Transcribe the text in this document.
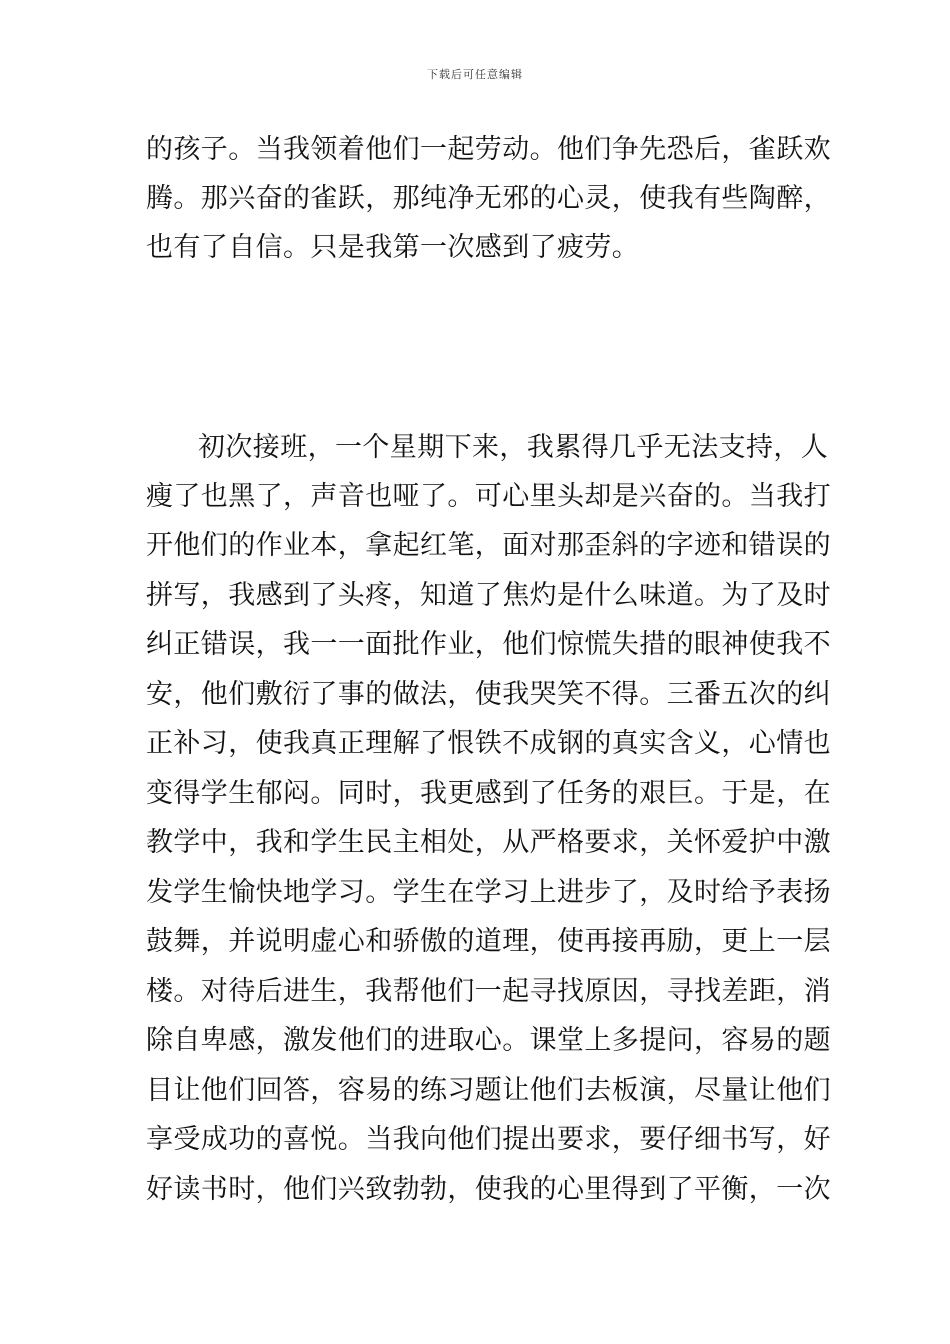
下载后可任意编辑
的孩子。当我领着他们一起劳动。他们争先恐后，雀跃欢
腾。那兴奋的雀跃，那纯净无邪的心灵，使我有些陶醉，
也有了自信。只是我第一次感到了疲劳。
初次接班，一个星期下来，我累得几乎无法支持，人
瘦了也黑了，声音也哑了。可心里头却是兴奋的。当我打
开他们的作业本，拿起红笔，面对那歪斜的字迹和错误的
拼写，我感到了头疼，知道了焦灼是什么味道。为了及时
纠正错误，我一一面批作业，他们惊慌失措的眼神使我不
安，他们敷衍了事的做法，使我哭笑不得。三番五次的纠
正补习，使我真正理解了恨铁不成钢的真实含义，心情也
变得学生郁闷。同时，我更感到了任务的艰巨。于是，在
教学中，我和学生民主相处，从严格要求，关怀爱护中激
发学生愉快地学习。学生在学习上进步了，及时给予表扬
鼓舞，并说明虚心和骄傲的道理，使再接再励，更上一层
楼。对待后进生，我帮他们一起寻找原因，寻找差距，消
除自卑感，激发他们的进取心。课堂上多提问，容易的题
目让他们回答，容易的练习题让他们去板演，尽量让他们
享受成功的喜悦。当我向他们提出要求，要仔细书写，好
好读书时，他们兴致勃勃，使我的心里得到了平衡，一次
